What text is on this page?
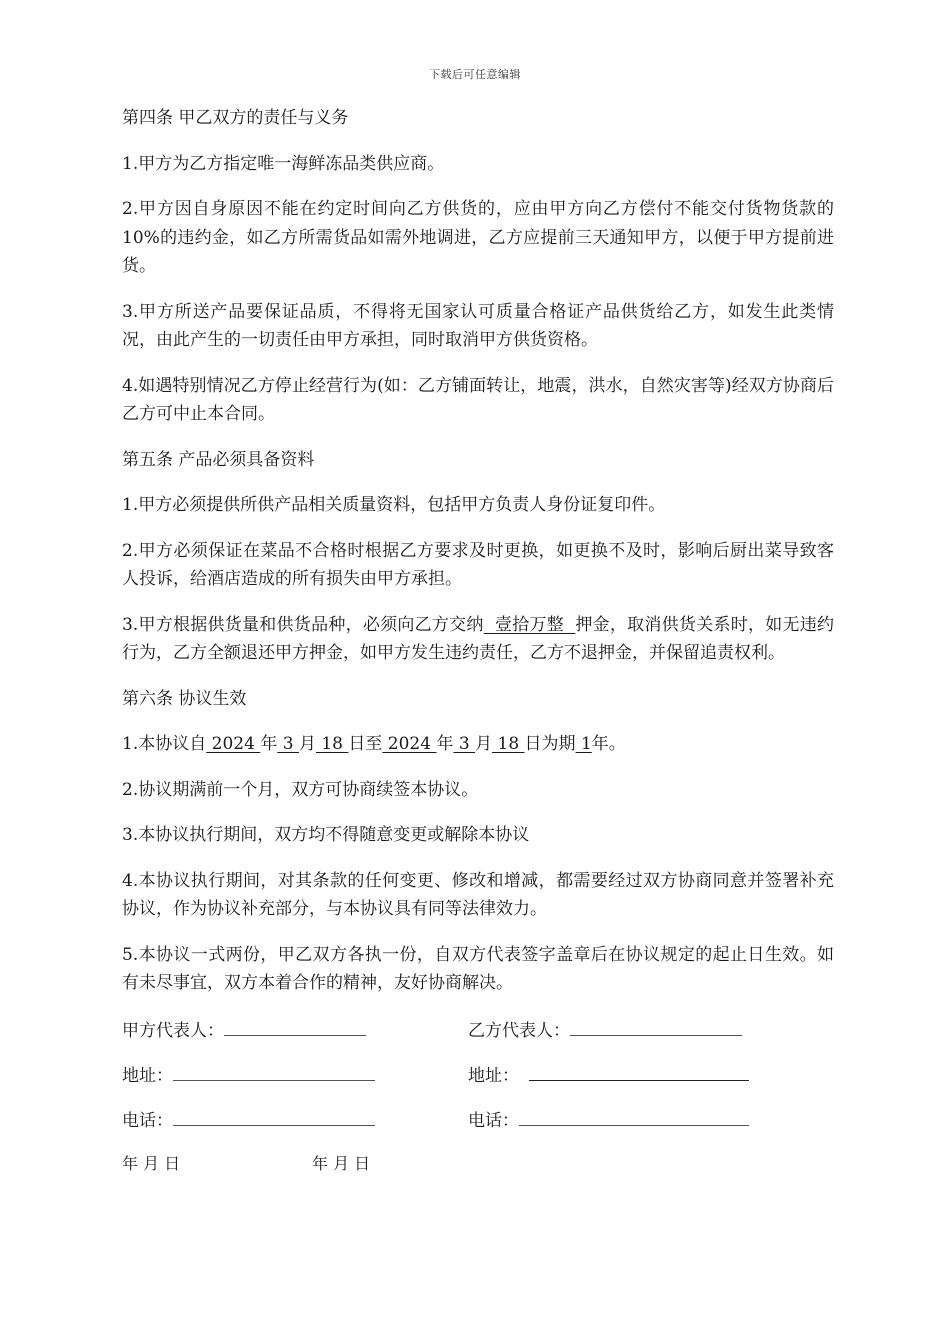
下载后可任意编辑
第四条 甲乙双方的责任与义务
1.甲方为乙方指定唯一海鲜冻品类供应商。
2.甲方因自身原因不能在约定时间向乙方供货的，应由甲方向乙方偿付不能交付货物货款的10%的违约金，如乙方所需货品如需外地调进，乙方应提前三天通知甲方，以便于甲方提前进货。
3.甲方所送产品要保证品质，不得将无国家认可质量合格证产品供货给乙方，如发生此类情况，由此产生的一切责任由甲方承担，同时取消甲方供货资格。
4.如遇特别情况乙方停止经营行为(如：乙方铺面转让，地震，洪水，自然灾害等)经双方协商后乙方可中止本合同。
第五条 产品必须具备资料
1.甲方必须提供所供产品相关质量资料，包括甲方负责人身份证复印件。
2.甲方必须保证在菜品不合格时根据乙方要求及时更换，如更换不及时，影响后厨出菜导致客人投诉，给酒店造成的所有损失由甲方承担。
3.甲方根据供货量和供货品种，必须向乙方交纳  壹拾万整  押金，取消供货关系时，如无违约行为，乙方全额退还甲方押金，如甲方发生违约责任，乙方不退押金，并保留追责权利。
第六条 协议生效
1.本协议自 2024 年 3 月 18 日至 2024 年 3 月 18 日为期 1年。
2.协议期满前一个月，双方可协商续签本协议。
3.本协议执行期间，双方均不得随意变更或解除本协议
4.本协议执行期间，对其条款的任何变更、修改和增减，都需要经过双方协商同意并签署补充协议，作为协议补充部分，与本协议具有同等法律效力。
5.本协议一式两份，甲乙双方各执一份，自双方代表签字盖章后在协议规定的起止日生效。如有未尽事宜，双方本着合作的精神，友好协商解决。
甲方代表人：	乙方代表人：
地址：	地址：
电话：	电话：
年 月 日	年 月 日
